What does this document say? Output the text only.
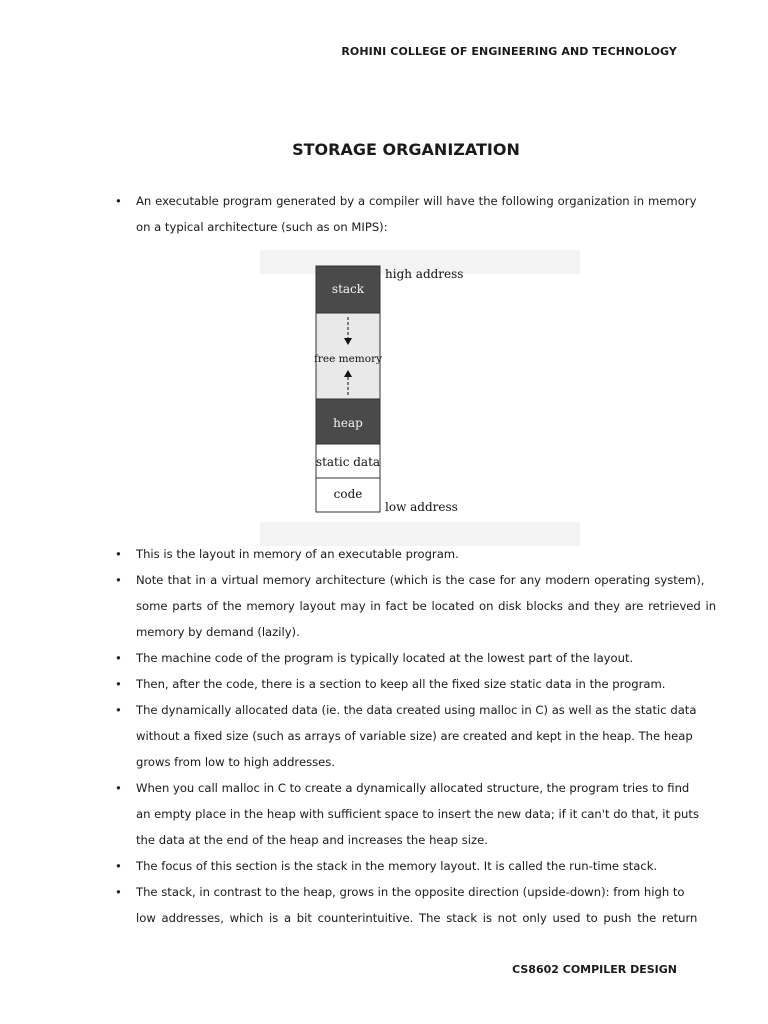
ROHINI COLLEGE OF ENGINEERING AND TECHNOLOGY
STORAGE ORGANIZATION
• An executable program generated by a compiler will have the following organization in memory
on a typical architecture (such as on MIPS):
stack
free memory
heap
static data
code
high address
low address
• This is the layout in memory of an executable program.
• Note that in a virtual memory architecture (which is the case for any modern operating system),
some parts of the memory layout may in fact be located on disk blocks and they are retrieved in
memory by demand (lazily).
• The machine code of the program is typically located at the lowest part of the layout.
• Then, after the code, there is a section to keep all the fixed size static data in the program.
• The dynamically allocated data (ie. the data created using malloc in C) as well as the static data
without a fixed size (such as arrays of variable size) are created and kept in the heap. The heap
grows from low to high addresses.
• When you call malloc in C to create a dynamically allocated structure, the program tries to find
an empty place in the heap with sufficient space to insert the new data; if it can't do that, it puts
the data at the end of the heap and increases the heap size.
• The focus of this section is the stack in the memory layout. It is called the run-time stack.
• The stack, in contrast to the heap, grows in the opposite direction (upside-down): from high to
low addresses, which is a bit counterintuitive. The stack is not only used to push the return
CS8602 COMPILER DESIGN
